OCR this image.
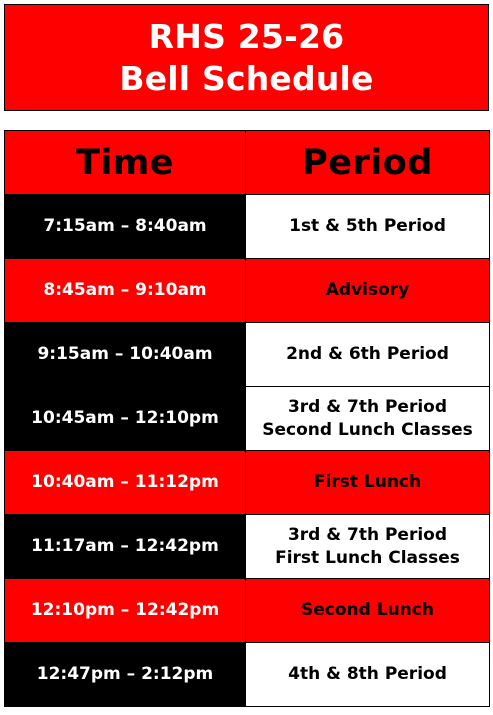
RHS 25-26
Bell Schedule
Time	Period
7:15am – 8:40am	1st & 5th Period
8:45am – 9:10am	Advisory
9:15am – 10:40am	2nd & 6th Period
10:45am – 12:10pm	3rd & 7th Period
Second Lunch Classes
10:40am – 11:12pm	First Lunch
11:17am – 12:42pm	3rd & 7th Period
First Lunch Classes
12:10pm – 12:42pm	Second Lunch
12:47pm – 2:12pm	4th & 8th Period
